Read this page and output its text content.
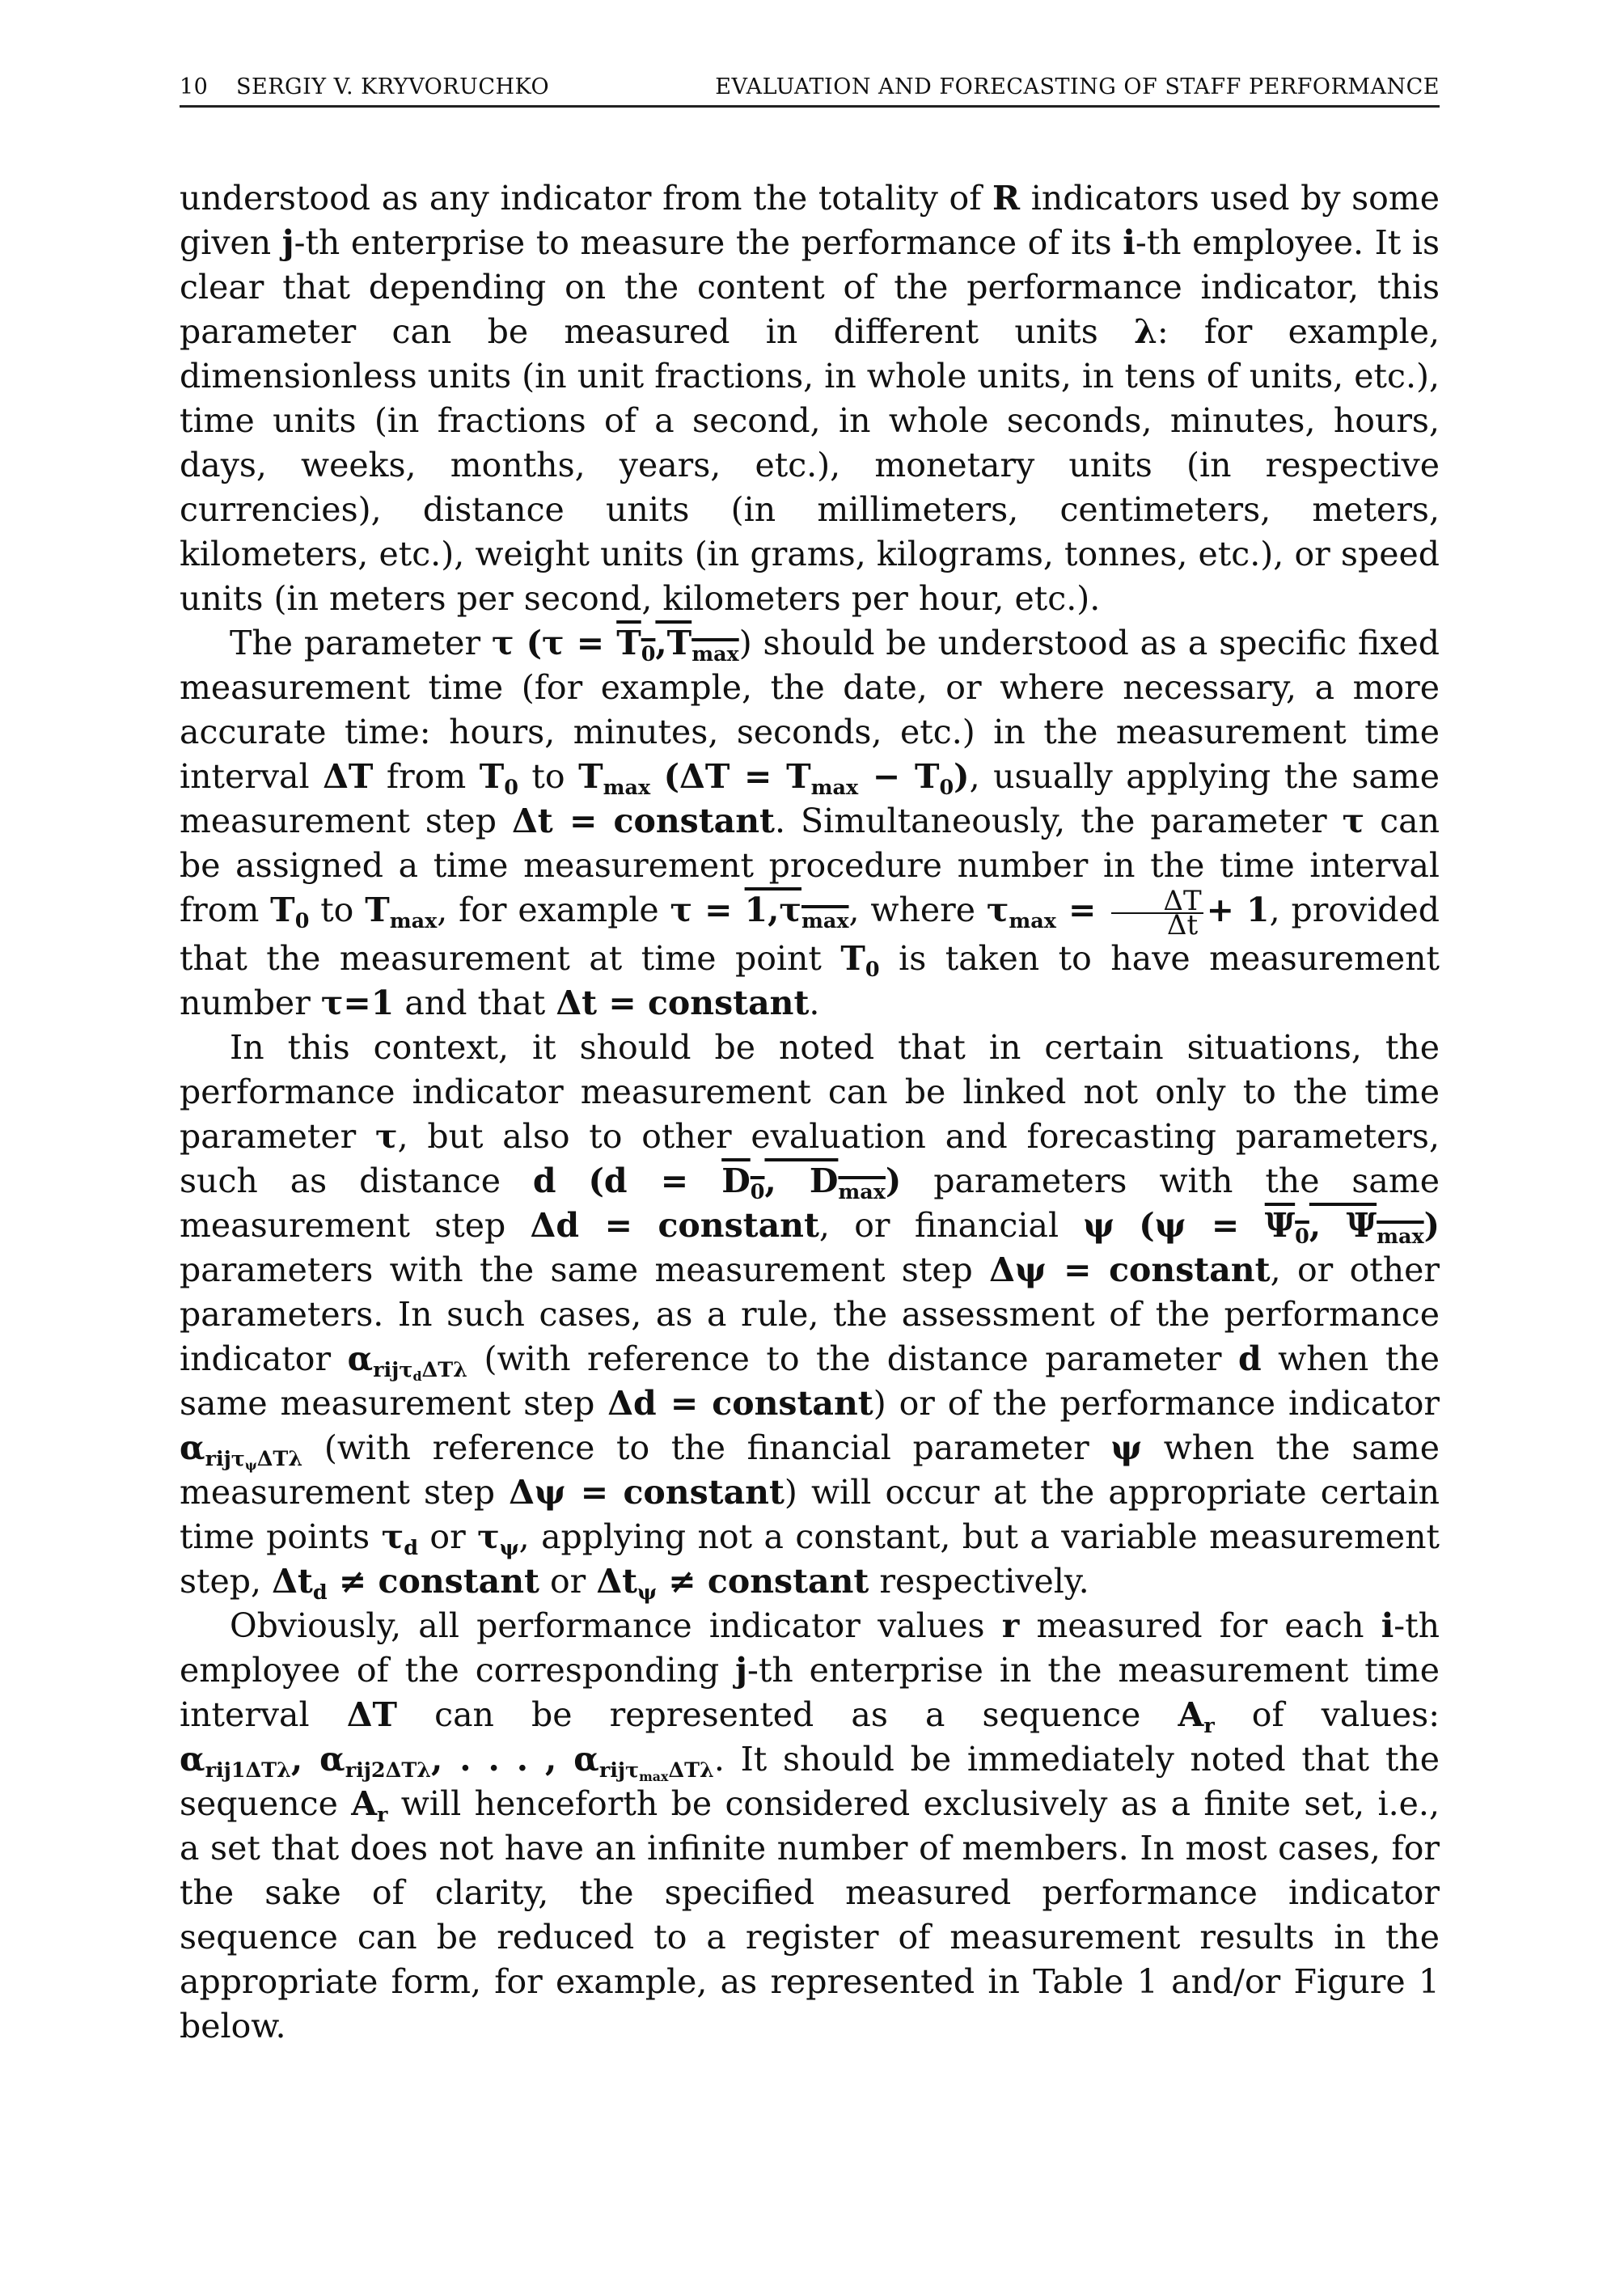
10 SERGIY V. KRYVORUCHKO	EVALUATION AND FORECASTING OF STAFF PERFORMANCE

understood as any indicator from the totality of R indicators used by some given j-th enterprise to measure the performance of its i-th employee. It is clear that depending on the content of the performance indicator, this parameter can be measured in different units λ: for example, dimensionless units (in unit fractions, in whole units, in tens of units, etc.), time units (in fractions of a second, in whole seconds, minutes, hours, days, weeks, months, years, etc.), monetary units (in respective currencies), distance units (in millimeters, centimeters, meters, kilometers, etc.), weight units (in grams, kilograms, tonnes, etc.), or speed units (in meters per second, kilometers per hour, etc.).

The parameter τ $(\tau = T_0,T_{max})$ should be understood as a specific fixed measurement time (for example, the date, or where necessary, a more accurate time: hours, minutes, seconds, etc.) in the measurement time interval ΔT from $T_0$ to $T_{max}$ $(\Delta T = T_{max} - T_0)$, usually applying the same measurement step Δt = constant. Simultaneously, the parameter τ can be assigned a time measurement procedure number in the time interval from $T_0$ to $T_{max}$, for example $\tau = 1,\tau_{max}$, where $\tau_{max} = \frac{\Delta T}{\Delta t} + 1$, provided that the measurement at time point $T_0$ is taken to have measurement number τ=1 and that Δt = constant.

In this context, it should be noted that in certain situations, the performance indicator measurement can be linked not only to the time parameter τ, but also to other evaluation and forecasting parameters, such as distance d ($d = D_0$, $D_{max}$) parameters with the same measurement step Δd = constant, or financial ψ ($\psi = \Psi_0$, $\Psi_{max}$) parameters with the same measurement step Δψ = constant, or other parameters. In such cases, as a rule, the assessment of the performance indicator $\alpha_{rij\tau_d\Delta T\lambda}$ (with reference to the distance parameter d when the same measurement step Δd = constant) or of the performance indicator $\alpha_{rij\tau_\psi\Delta T\lambda}$ (with reference to the financial parameter ψ when the same measurement step Δψ = constant) will occur at the appropriate certain time points $\tau_d$ or $\tau_\psi$, applying not a constant, but a variable measurement step, $\Delta t_d$ ≠ constant or $\Delta t_\psi$ ≠ constant respectively.

Obviously, all performance indicator values r measured for each i-th employee of the corresponding j-th enterprise in the measurement time interval ΔT can be represented as a sequence $A_r$ of values: $\alpha_{rij1\Delta T\lambda}$, $\alpha_{rij2\Delta T\lambda}$, . . . , $\alpha_{rij\tau_{max}\Delta T\lambda}$. It should be immediately noted that the sequence $A_r$ will henceforth be considered exclusively as a finite set, i.e., a set that does not have an infinite number of members. In most cases, for the sake of clarity, the specified measured performance indicator sequence can be reduced to a register of measurement results in the appropriate form, for example, as represented in Table 1 and/or Figure 1 below.
